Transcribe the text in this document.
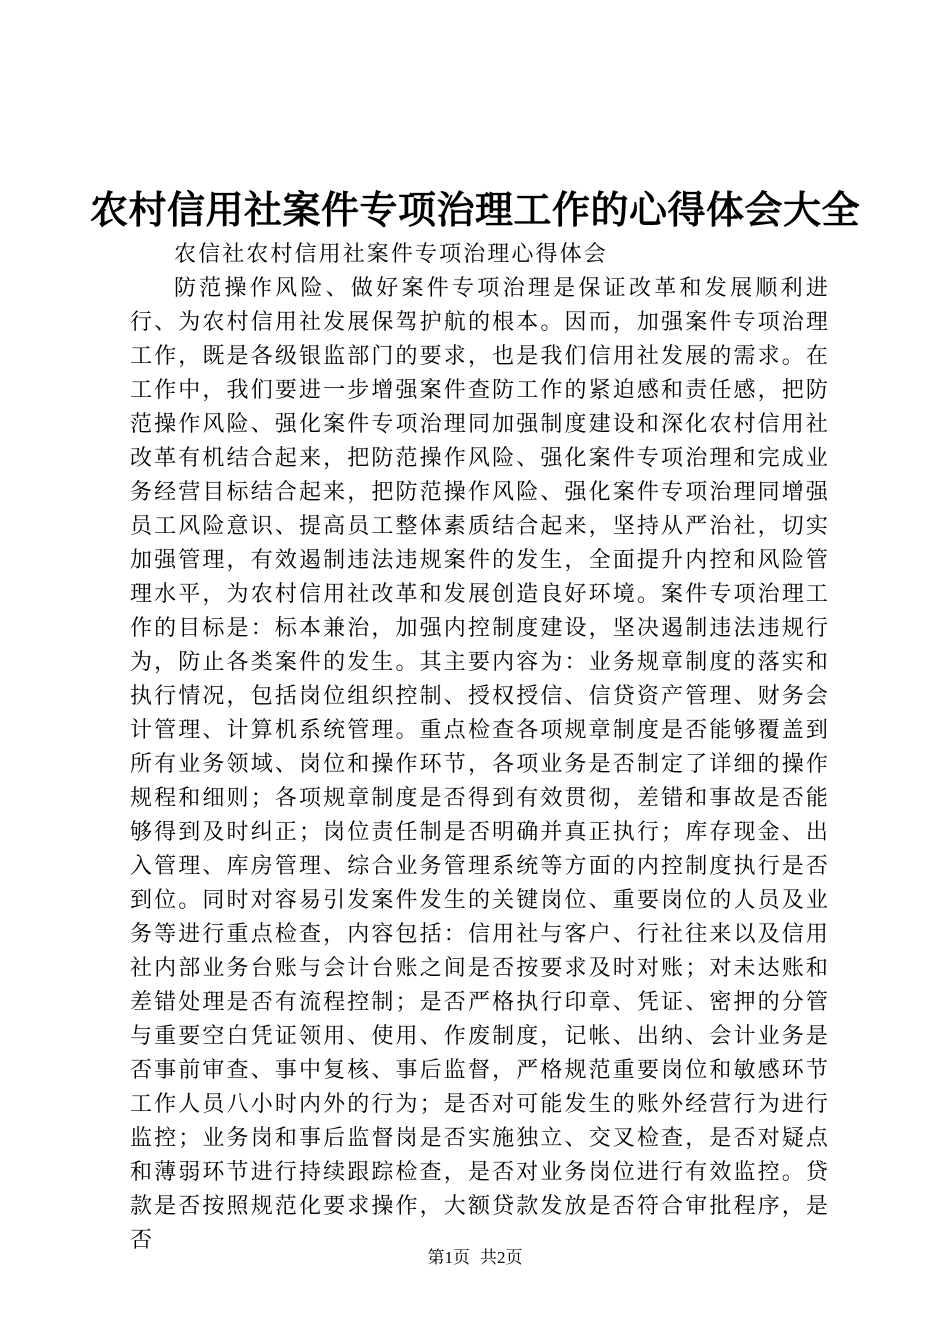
农村信用社案件专项治理工作的心得体会大全

农信社农村信用社案件专项治理心得体会

防范操作风险、做好案件专项治理是保证改革和发展顺利进行、为农村信用社发展保驾护航的根本。因而，加强案件专项治理工作，既是各级银监部门的要求，也是我们信用社发展的需求。在工作中，我们要进一步增强案件查防工作的紧迫感和责任感，把防范操作风险、强化案件专项治理同加强制度建设和深化农村信用社改革有机结合起来，把防范操作风险、强化案件专项治理和完成业务经营目标结合起来，把防范操作风险、强化案件专项治理同增强员工风险意识、提高员工整体素质结合起来，坚持从严治社，切实加强管理，有效遏制违法违规案件的发生，全面提升内控和风险管理水平，为农村信用社改革和发展创造良好环境。案件专项治理工作的目标是：标本兼治，加强内控制度建设，坚决遏制违法违规行为，防止各类案件的发生。其主要内容为：业务规章制度的落实和执行情况，包括岗位组织控制、授权授信、信贷资产管理、财务会计管理、计算机系统管理。重点检查各项规章制度是否能够覆盖到所有业务领域、岗位和操作环节，各项业务是否制定了详细的操作规程和细则；各项规章制度是否得到有效贯彻，差错和事故是否能够得到及时纠正；岗位责任制是否明确并真正执行；库存现金、出入管理、库房管理、综合业务管理系统等方面的内控制度执行是否到位。同时对容易引发案件发生的关键岗位、重要岗位的人员及业务等进行重点检查，内容包括：信用社与客户、行社往来以及信用社内部业务台账与会计台账之间是否按要求及时对账；对未达账和差错处理是否有流程控制；是否严格执行印章、凭证、密押的分管与重要空白凭证领用、使用、作废制度，记帐、出纳、会计业务是否事前审查、事中复核、事后监督，严格规范重要岗位和敏感环节工作人员八小时内外的行为；是否对可能发生的账外经营行为进行监控；业务岗和事后监督岗是否实施独立、交叉检查，是否对疑点和薄弱环节进行持续跟踪检查，是否对业务岗位进行有效监控。贷款是否按照规范化要求操作，大额贷款发放是否符合审批程序，是否

第1页 共2页
